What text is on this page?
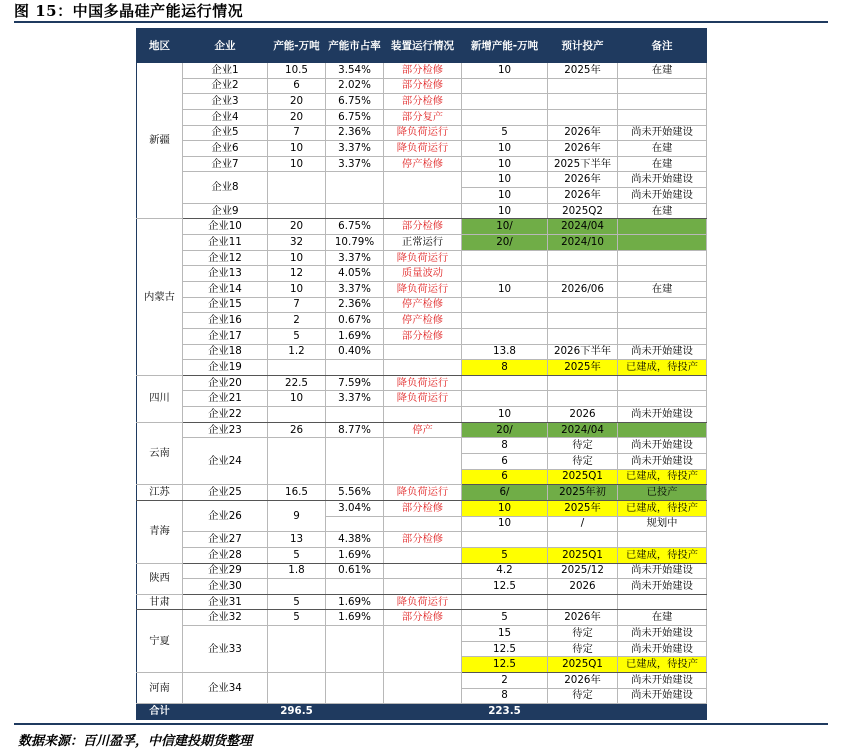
图 15：中国多晶硅产能运行情况
地区	企业	产能-万吨	产能市占率	装置运行情况	新增产能-万吨	预计投产	备注
新疆	企业1	10.5	3.54%	部分检修	10	2025年	在建
	企业2	6	2.02%	部分检修			
	企业3	20	6.75%	部分检修			
	企业4	20	6.75%	部分复产			
	企业5	7	2.36%	降负荷运行	5	2026年	尚未开始建设
	企业6	10	3.37%	降负荷运行	10	2026年	在建
	企业7	10	3.37%	停产检修	10	2025下半年	在建
	企业8				10	2026年	尚未开始建设
					10	2026年	尚未开始建设
	企业9				10	2025Q2	在建
内蒙古	企业10	20	6.75%	部分检修	10/	2024/04	
	企业11	32	10.79%	正常运行	20/	2024/10	
	企业12	10	3.37%	降负荷运行			
	企业13	12	4.05%	质量波动			
	企业14	10	3.37%	降负荷运行	10	2026/06	在建
	企业15	7	2.36%	停产检修			
	企业16	2	0.67%	停产检修			
	企业17	5	1.69%	部分检修			
	企业18	1.2	0.40%		13.8	2026下半年	尚未开始建设
	企业19				8	2025年	已建成，待投产
四川	企业20	22.5	7.59%	降负荷运行			
	企业21	10	3.37%	降负荷运行			
	企业22				10	2026	尚未开始建设
云南	企业23	26	8.77%	停产	20/	2024/04	
	企业24				8	待定	尚未开始建设
					6	待定	尚未开始建设
					6	2025Q1	已建成，待投产
江苏	企业25	16.5	5.56%	降负荷运行	6/	2025年初	已投产
青海	企业26	9	3.04%	部分检修	10	2025年	已建成，待投产
					10	/	规划中
	企业27	13	4.38%	部分检修			
	企业28	5	1.69%		5	2025Q1	已建成，待投产
陕西	企业29	1.8	0.61%		4.2	2025/12	尚未开始建设
	企业30				12.5	2026	尚未开始建设
甘肃	企业31	5	1.69%	降负荷运行			
宁夏	企业32	5	1.69%	部分检修	5	2026年	在建
	企业33				15	待定	尚未开始建设
					12.5	待定	尚未开始建设
					12.5	2025Q1	已建成，待投产
河南	企业34				2	2026年	尚未开始建设
					8	待定	尚未开始建设
合计		296.5			223.5		
数据来源：百川盈孚，中信建投期货整理
